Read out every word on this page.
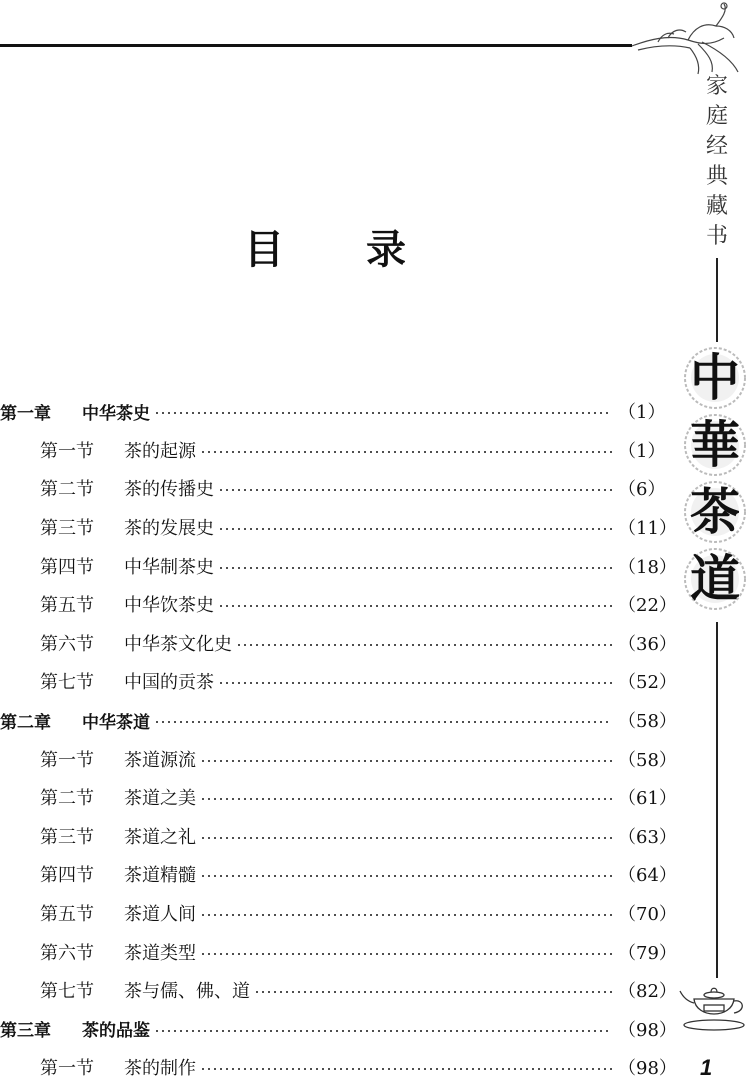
家
庭
经
典
藏
书
中
華
茶
道
1
目 录
第一章	中华茶史	（1）
第一节	茶的起源	（1）
第二节	茶的传播史	（6）
第三节	茶的发展史	（11）
第四节	中华制茶史	（18）
第五节	中华饮茶史	（22）
第六节	中华茶文化史	（36）
第七节	中国的贡茶	（52）
第二章	中华茶道	（58）
第一节	茶道源流	（58）
第二节	茶道之美	（61）
第三节	茶道之礼	（63）
第四节	茶道精髓	（64）
第五节	茶道人间	（70）
第六节	茶道类型	（79）
第七节	茶与儒、佛、道	（82）
第三章	茶的品鉴	（98）
第一节	茶的制作	（98）
